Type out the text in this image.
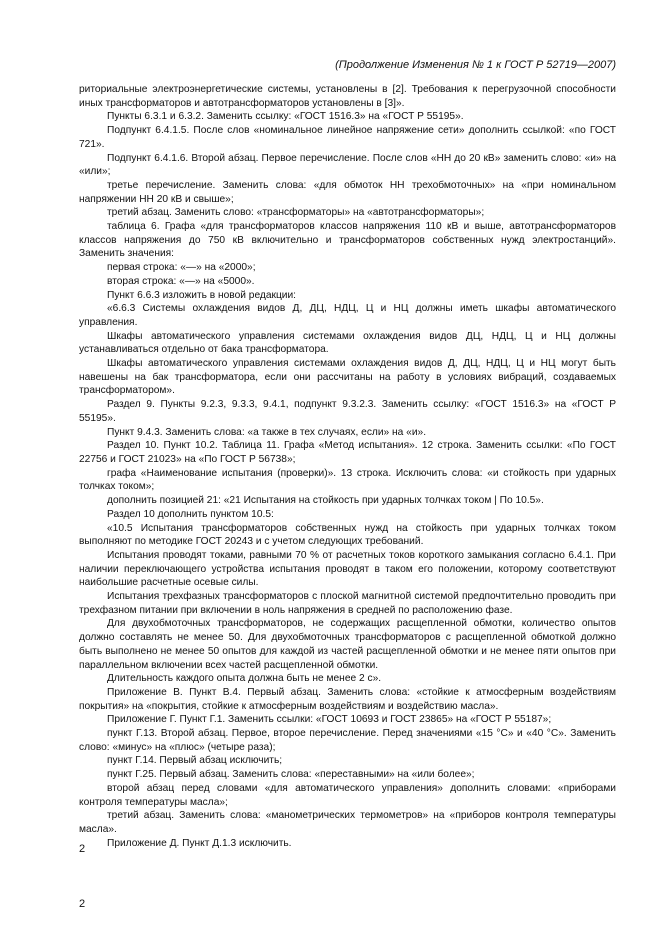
(Продолжение Изменения № 1 к ГОСТ Р 52719—2007)

риториальные электроэнергетические системы, установлены в [2]. Требования к перегрузочной способности иных трансформаторов и автотрансформаторов установлены в [3]».

Пункты 6.3.1 и 6.3.2. Заменить ссылку: «ГОСТ 1516.3» на «ГОСТ Р 55195».

Подпункт 6.4.1.5. После слов «номинальное линейное напряжение сети» дополнить ссылкой: «по ГОСТ 721».

Подпункт 6.4.1.6. Второй абзац. Первое перечисление. После слов «НН до 20 кВ» заменить слово: «и» на «или»;

третье перечисление. Заменить слова: «для обмоток НН трехобмоточных» на «при номинальном напряжении НН 20 кВ и свыше»;

третий абзац. Заменить слово: «трансформаторы» на «автотрансформаторы»;

таблица 6. Графа «для трансформаторов классов напряжения 110 кВ и выше, автотрансформаторов классов напряжения до 750 кВ включительно и трансформаторов собственных нужд электростанций». Заменить значения:

первая строка: «—» на «2000»;

вторая строка: «—» на «5000».

Пункт 6.6.3 изложить в новой редакции:

«6.6.3 Системы охлаждения видов Д, ДЦ, НДЦ, Ц и НЦ должны иметь шкафы автоматического управления.

Шкафы автоматического управления системами охлаждения видов ДЦ, НДЦ, Ц и НЦ должны устанавливаться отдельно от бака трансформатора.

Шкафы автоматического управления системами охлаждения видов Д, ДЦ, НДЦ, Ц и НЦ могут быть навешены на бак трансформатора, если они рассчитаны на работу в условиях вибраций, создаваемых трансформатором».

Раздел 9. Пункты 9.2.3, 9.3.3, 9.4.1, подпункт 9.3.2.3. Заменить ссылку: «ГОСТ 1516.3» на «ГОСТ Р 55195».

Пункт 9.4.3. Заменить слова: «а также в тех случаях, если» на «и».

Раздел 10. Пункт 10.2. Таблица 11. Графа «Метод испытания». 12 строка. Заменить ссылки: «По ГОСТ 22756 и ГОСТ 21023» на «По ГОСТ Р 56738»;

графа «Наименование испытания (проверки)». 13 строка. Исключить слова: «и стойкость при ударных толчках током»;

дополнить позицией 21: «21 Испытания на стойкость при ударных толчках током | По 10.5».

Раздел 10 дополнить пунктом 10.5:

«10.5 Испытания трансформаторов собственных нужд на стойкость при ударных толчках током выполняют по методике ГОСТ 20243 и с учетом следующих требований.

Испытания проводят токами, равными 70 % от расчетных токов короткого замыкания согласно 6.4.1. При наличии переключающего устройства испытания проводят в таком его положении, которому соответствуют наибольшие расчетные осевые силы.

Испытания трехфазных трансформаторов с плоской магнитной системой предпочтительно проводить при трехфазном питании при включении в ноль напряжения в средней по расположению фазе.

Для двухобмоточных трансформаторов, не содержащих расщепленной обмотки, количество опытов должно составлять не менее 50. Для двухобмоточных трансформаторов с расщепленной обмоткой должно быть выполнено не менее 50 опытов для каждой из частей расщепленной обмотки и не менее пяти опытов при параллельном включении всех частей расщепленной обмотки.

Длительность каждого опыта должна быть не менее 2 с».

Приложение В. Пункт В.4. Первый абзац. Заменить слова: «стойкие к атмосферным воздействиям покрытия» на «покрытия, стойкие к атмосферным воздействиям и воздействию масла».

Приложение Г. Пункт Г.1. Заменить ссылки: «ГОСТ 10693 и ГОСТ 23865» на «ГОСТ Р 55187»;

пункт Г.13. Второй абзац. Первое, второе перечисление. Перед значениями «15 °С» и «40 °С». Заменить слово: «минус» на «плюс» (четыре раза);

пункт Г.14. Первый абзац исключить;

пункт Г.25. Первый абзац. Заменить слова: «переставными» на «или более»;

второй абзац перед словами «для автоматического управления» дополнить словами: «приборами контроля температуры масла»;

третий абзац. Заменить слова: «манометрических термометров» на «приборов контроля температуры масла».

Приложение Д. Пункт Д.1.3 исключить.

2
2
